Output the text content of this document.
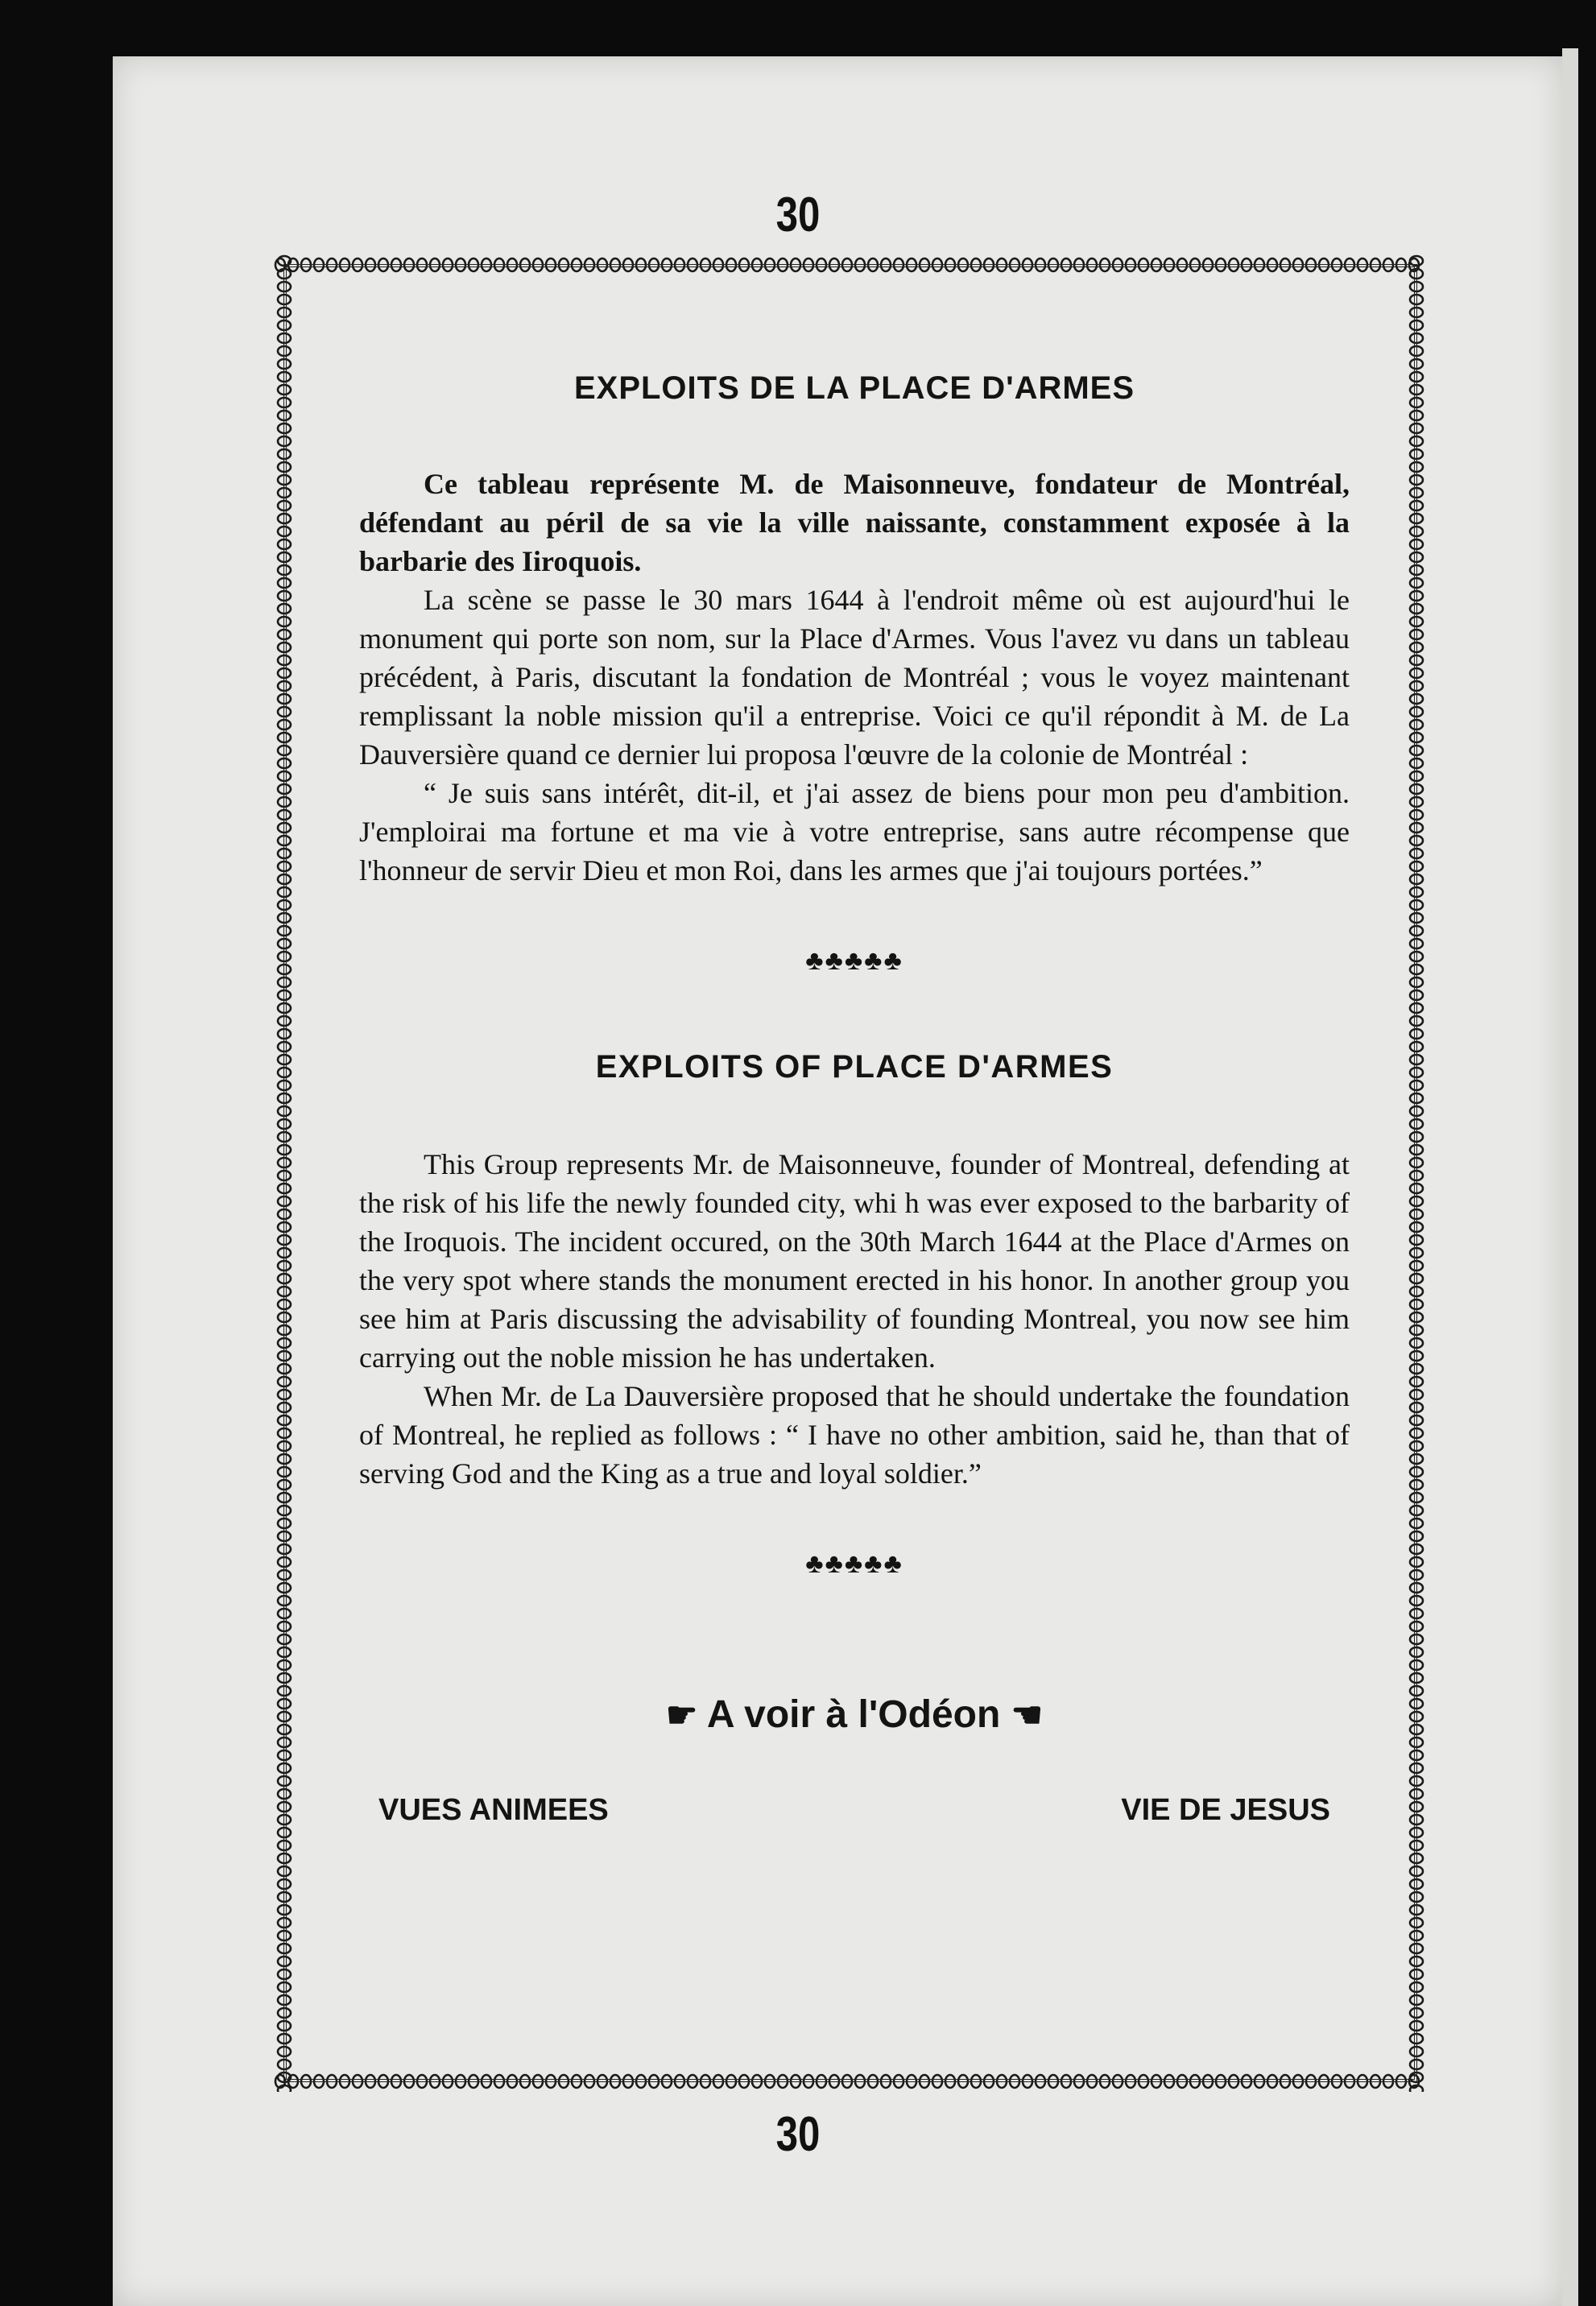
30
EXPLOITS DE LA PLACE D'ARMES

Ce tableau représente M. de Maisonneuve, fondateur de Montréal, défendant au péril de sa vie la ville naissante, constamment exposée à la barbarie des Iiroquois.

La scène se passe le 30 mars 1644 à l'endroit même où est aujourd'hui le monument qui porte son nom, sur la Place d'Armes. Vous l'avez vu dans un tableau précédent, à Paris, discutant la fondation de Montréal ; vous le voyez maintenant remplissant la noble mission qu'il a entreprise. Voici ce qu'il répondit à M. de La Dauversière quand ce dernier lui proposa l'œuvre de la colonie de Montréal :

“ Je suis sans intérêt, dit-il, et j'ai assez de biens pour mon peu d'ambition. J'emploirai ma fortune et ma vie à votre entreprise, sans autre récompense que l'honneur de servir Dieu et mon Roi, dans les armes que j'ai toujours portées.”

♣♣♣♣♣
EXPLOITS OF PLACE D'ARMES

This Group represents Mr. de Maisonneuve, founder of Montreal, defending at the risk of his life the newly founded city, whi h was ever exposed to the barbarity of the Iroquois. The incident occured, on the 30th March 1644 at the Place d'Armes on the very spot where stands the monument erected in his honor. In another group you see him at Paris discussing the advisability of founding Montreal, you now see him carrying out the noble mission he has undertaken.

When Mr. de La Dauversière proposed that he should undertake the foundation of Montreal, he replied as follows : “ I have no other ambition, said he, than that of serving God and the King as a true and loyal soldier.”

♣♣♣♣♣
☛ A voir à l'Odéon ☚
VUES ANIMEES	VIE DE JESUS
30
